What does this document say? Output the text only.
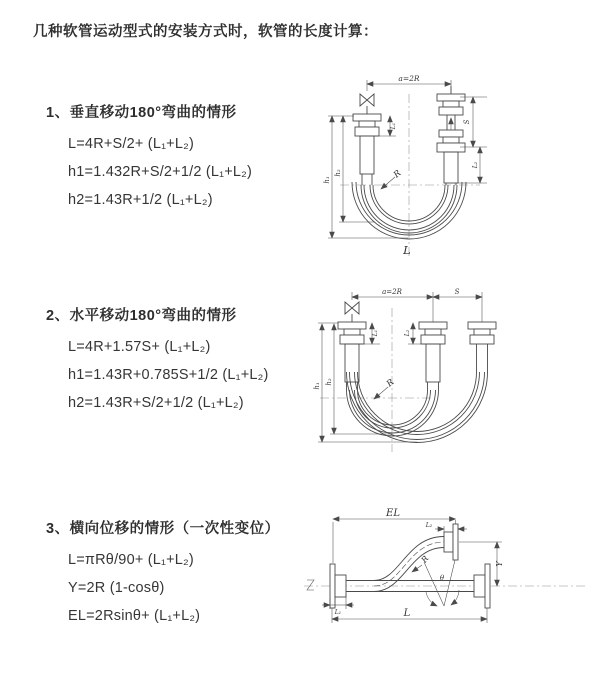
几种软管运动型式的安装方式时，软管的长度计算：
1、垂直移动180°弯曲的情形

L=4R+S/2+ (L₁+L₂)

h1=1.432R+S/2+1/2 (L₁+L₂)

h2=1.43R+1/2 (L₁+L₂)

a=2R
S
L₂
h₁
h₂
L₁
R
L
2、水平移动180°弯曲的情形

L=4R+1.57S+ (L₁+L₂)

h1=1.43R+0.785S+1/2 (L₁+L₂)

h2=1.43R+S/2+1/2 (L₁+L₂)

a=2R	S
h₁
h₂
L₁	L₂
R
3、横向位移的情形（一次性变位）

L=πRθ/90+ (L₁+L₂)

Y=2R (1-cosθ)

EL=2Rsinθ+ (L₁+L₂)

θ
R
EL
L₂
Y
L
L₁
